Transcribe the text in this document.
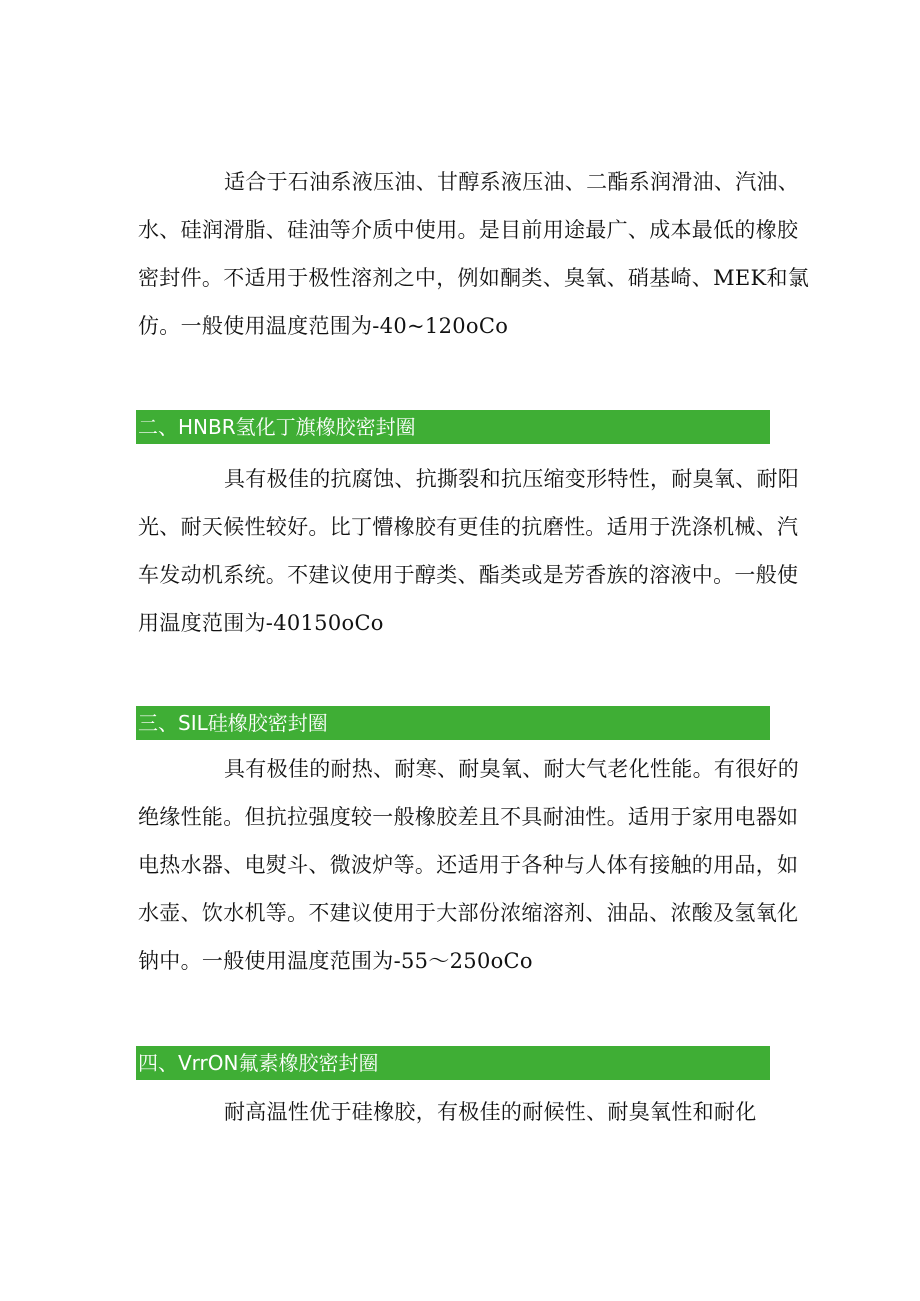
适合于石油系液压油、甘醇系液压油、二酯系润滑油、汽油、
水、硅润滑脂、硅油等介质中使用。是目前用途最广、成本最低的橡胶
密封件。不适用于极性溶剂之中，例如酮类、臭氧、硝基崎、MEK和氯
仿。一般使用温度范围为-40~120oCo
二、HNBR氢化丁旗橡胶密封圈
具有极佳的抗腐蚀、抗撕裂和抗压缩变形特性，耐臭氧、耐阳
光、耐天候性较好。比丁懵橡胶有更佳的抗磨性。适用于洗涤机械、汽
车发动机系统。不建议使用于醇类、酯类或是芳香族的溶液中。一般使
用温度范围为-40150oCo
三、SIL硅橡胶密封圈
具有极佳的耐热、耐寒、耐臭氧、耐大气老化性能。有很好的
绝缘性能。但抗拉强度较一般橡胶差且不具耐油性。适用于家用电器如
电热水器、电熨斗、微波炉等。还适用于各种与人体有接触的用品，如
水壶、饮水机等。不建议使用于大部份浓缩溶剂、油品、浓酸及氢氧化
钠中。一般使用温度范围为-55～250oCo
四、VrrON氟素橡胶密封圈
耐高温性优于硅橡胶，有极佳的耐候性、耐臭氧性和耐化
